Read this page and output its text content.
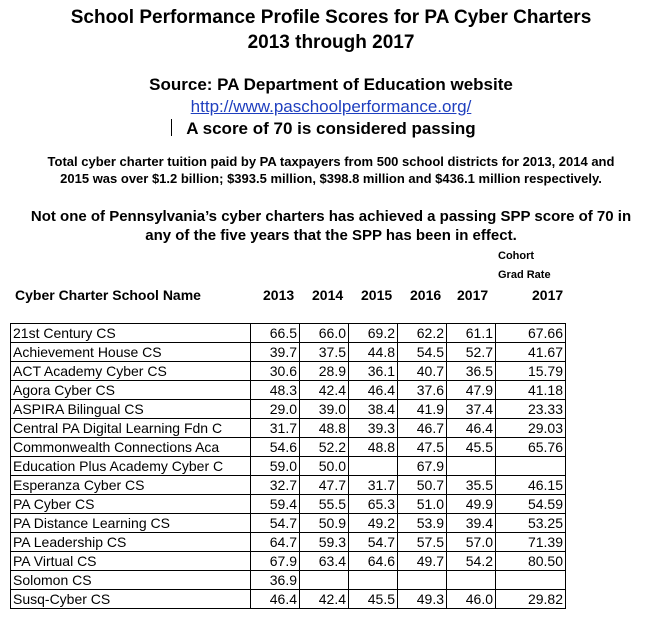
School Performance Profile Scores for PA Cyber Charters
2013 through 2017
Source: PA Department of Education website
http://www.paschoolperformance.org/
A score of 70 is considered passing
Total cyber charter tuition paid by PA taxpayers from 500 school districts for 2013, 2014 and
2015 was over $1.2 billion; $393.5 million, $398.8 million and $436.1 million respectively.
Not one of Pennsylvania’s cyber charters has achieved a passing SPP score of 70 in
any of the five years that the SPP has been in effect.
Cohort
Grad Rate
Cyber Charter School Name	2013 2014 2015 2016 2017	2017
21st Century CS	66.5	66.0	69.2	62.2	61.1	67.66
Achievement House CS	39.7	37.5	44.8	54.5	52.7	41.67
ACT Academy Cyber CS	30.6	28.9	36.1	40.7	36.5	15.79
Agora Cyber CS	48.3	42.4	46.4	37.6	47.9	41.18
ASPIRA Bilingual CS	29.0	39.0	38.4	41.9	37.4	23.33
Central PA Digital Learning Fdn C	31.7	48.8	39.3	46.7	46.4	29.03
Commonwealth Connections Aca	54.6	52.2	48.8	47.5	45.5	65.76
Education Plus Academy Cyber C	59.0	50.0		67.9		
Esperanza Cyber CS	32.7	47.7	31.7	50.7	35.5	46.15
PA Cyber CS	59.4	55.5	65.3	51.0	49.9	54.59
PA Distance Learning CS	54.7	50.9	49.2	53.9	39.4	53.25
PA Leadership CS	64.7	59.3	54.7	57.5	57.0	71.39
PA Virtual CS	67.9	63.4	64.6	49.7	54.2	80.50
Solomon CS	36.9					
Susq-Cyber CS	46.4	42.4	45.5	49.3	46.0	29.82
